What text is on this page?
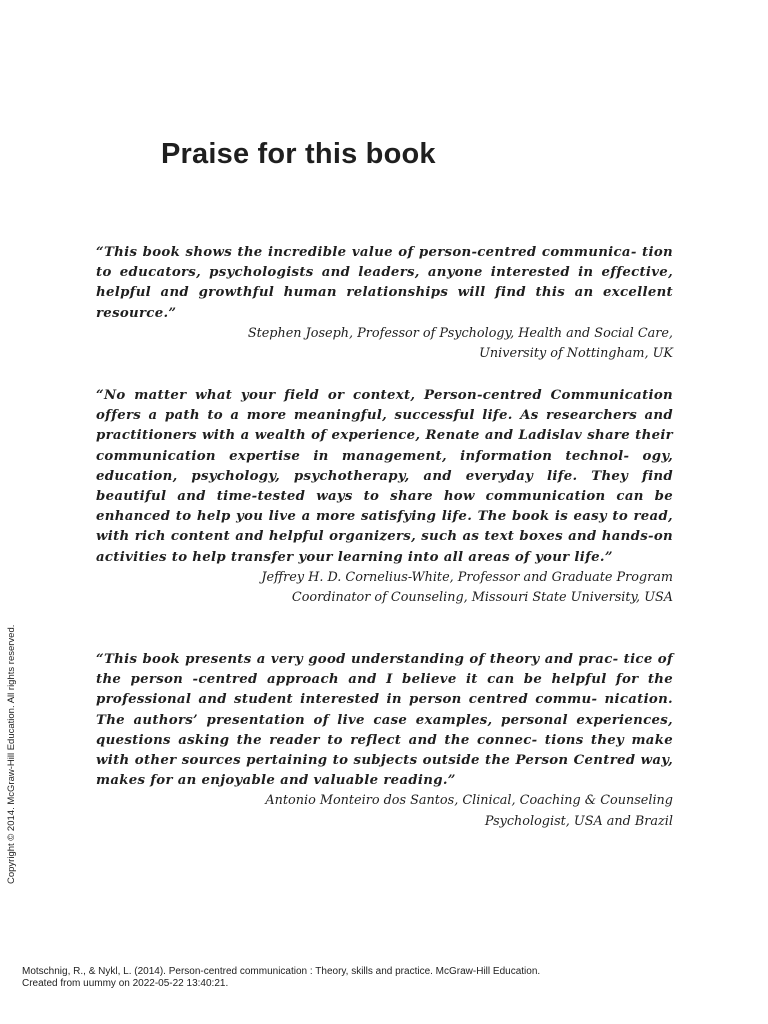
Praise for this book

“This book shows the incredible value of person-centred communica- tion to educators, psychologists and leaders, anyone interested in effective, helpful and growthful human relationships will find this an excellent resource.”

Stephen Joseph, Professor of Psychology, Health and Social Care,
University of Nottingham, UK

“No matter what your field or context, Person-centred Communication offers a path to a more meaningful, successful life. As researchers and practitioners with a wealth of experience, Renate and Ladislav share their communication expertise in management, information technol- ogy, education, psychology, psychotherapy, and everyday life. They find beautiful and time-tested ways to share how communication can be enhanced to help you live a more satisfying life. The book is easy to read, with rich content and helpful organizers, such as text boxes and hands-on activities to help transfer your learning into all areas of your life.”

Jeffrey H. D. Cornelius-White, Professor and Graduate Program
Coordinator of Counseling, Missouri State University, USA

“This book presents a very good understanding of theory and prac- tice of the person -centred approach and I believe it can be helpful for the professional and student interested in person centred commu- nication. The authors’ presentation of live case examples, personal experiences, questions asking the reader to reflect and the connec- tions they make with other sources pertaining to subjects outside the Person Centred way, makes for an enjoyable and valuable reading.”

Antonio Monteiro dos Santos, Clinical, Coaching & Counseling
Psychologist, USA and Brazil

Copyright © 2014. McGraw-Hill Education. All rights reserved.
Motschnig, R., & Nykl, L. (2014). Person-centred communication : Theory, skills and practice. McGraw-Hill Education.
Created from uummy on 2022-05-22 13:40:21.
